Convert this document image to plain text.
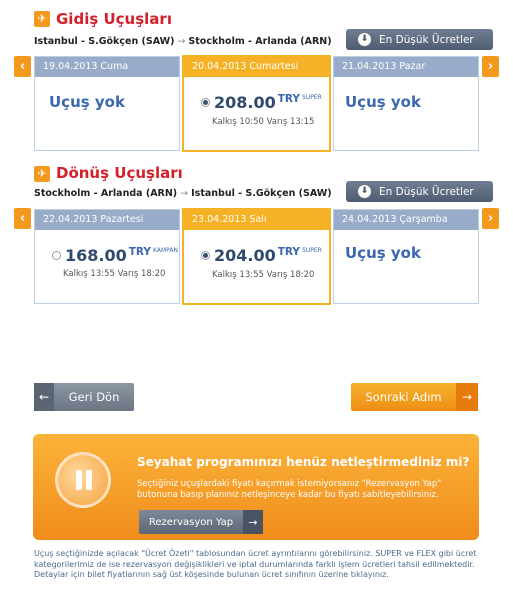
✈ Gidiş Uçuşları
Istanbul - S.Gökçen (SAW) → Stockholm - Arlanda (ARN)	⬇ En Düşük Ücretler
‹	›
19.04.2013 Cuma
Uçuş yok
20.04.2013 Cumartesi
208.00 TRY SUPER
Kalkış 10:50 Varış 13:15
21.04.2013 Pazar
Uçuş yok
✈ Dönüş Uçuşları
Stockholm - Arlanda (ARN) → Istanbul - S.Gökçen (SAW)	⬇ En Düşük Ücretler
‹	›
22.04.2013 Pazartesi
168.00 TRY KAMPAN
Kalkış 13:55 Varış 18:20
23.04.2013 Salı
204.00 TRY SUPER
Kalkış 13:55 Varış 18:20
24.04.2013 Çarşamba
Uçuş yok
←	Geri Dön	Sonraki Adım	→
Seyahat programınızı henüz netleştirmediniz mi?
Seçtiğiniz uçuşlardaki fiyatı kaçırmak istemiyorsanız "Rezervasyon Yap" butonuna basıp planınız netleşinceye kadar bu fiyatı sabitleyebilirsiniz.
Rezervasyon Yap	→
Uçuş seçtiğinizde açılacak "Ücret Özeti" tablosundan ücret ayrıntılarını görebilirsiniz. SUPER ve FLEX gibi ücret kategorilerimiz de ise rezervasyon değişiklikleri ve iptal durumlarında farklı işlem ücretleri tahsil edilmektedir. Detaylar için bilet fiyatlarının sağ üst köşesinde bulunan ücret sınıfının üzerine tıklayınız.
